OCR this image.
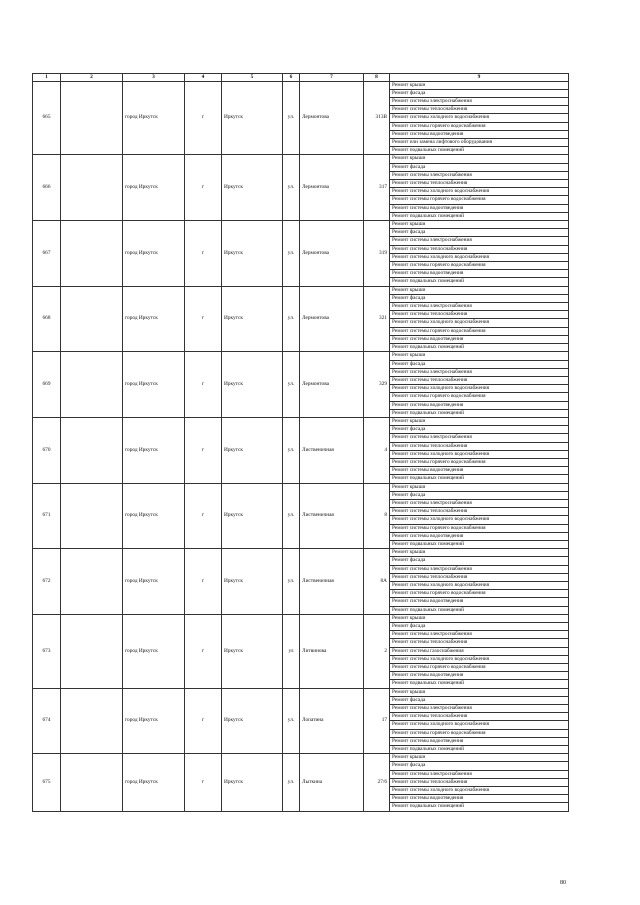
1	2	3	4	5	6	7	8	9
665		город Иркутск	г	Иркутск	ул.	Лермонтова	313В	Ремонт крыши
								Ремонт фасада
								Ремонт системы электроснабжения
								Ремонт системы теплоснабжения
								Ремонт системы холодного водоснабжения
								Ремонт системы горячего водоснабжения
								Ремонт системы водоотведения
								Ремонт или замена лифтового оборудования
								Ремонт подвальных помещений
666		город Иркутск	г	Иркутск	ул.	Лермонтова	317	Ремонт крыши
								Ремонт фасада
								Ремонт системы электроснабжения
								Ремонт системы теплоснабжения
								Ремонт системы холодного водоснабжения
								Ремонт системы горячего водоснабжения
								Ремонт системы водоотведения
								Ремонт подвальных помещений
667		город Иркутск	г	Иркутск	ул.	Лермонтова	319	Ремонт крыши
								Ремонт фасада
								Ремонт системы электроснабжения
								Ремонт системы теплоснабжения
								Ремонт системы холодного водоснабжения
								Ремонт системы горячего водоснабжения
								Ремонт системы водоотведения
								Ремонт подвальных помещений
668		город Иркутск	г	Иркутск	ул.	Лермонтова	321	Ремонт крыши
								Ремонт фасада
								Ремонт системы электроснабжения
								Ремонт системы теплоснабжения
								Ремонт системы холодного водоснабжения
								Ремонт системы горячего водоснабжения
								Ремонт системы водоотведения
								Ремонт подвальных помещений
669		город Иркутск	г	Иркутск	ул.	Лермонтова	329	Ремонт крыши
								Ремонт фасада
								Ремонт системы электроснабжения
								Ремонт системы теплоснабжения
								Ремонт системы холодного водоснабжения
								Ремонт системы горячего водоснабжения
								Ремонт системы водоотведения
								Ремонт подвальных помещений
670		город Иркутск	г	Иркутск	ул.	Лиственичная	4	Ремонт крыши
								Ремонт фасада
								Ремонт системы электроснабжения
								Ремонт системы теплоснабжения
								Ремонт системы холодного водоснабжения
								Ремонт системы горячего водоснабжения
								Ремонт системы водоотведения
								Ремонт подвальных помещений
671		город Иркутск	г	Иркутск	ул.	Лиственичная	8	Ремонт крыши
								Ремонт фасада
								Ремонт системы электроснабжения
								Ремонт системы теплоснабжения
								Ремонт системы холодного водоснабжения
								Ремонт системы горячего водоснабжения
								Ремонт системы водоотведения
								Ремонт подвальных помещений
672		город Иркутск	г	Иркутск	ул.	Лиственичная	8А	Ремонт крыши
								Ремонт фасада
								Ремонт системы электроснабжения
								Ремонт системы теплоснабжения
								Ремонт системы холодного водоснабжения
								Ремонт системы горячего водоснабжения
								Ремонт системы водоотведения
								Ремонт подвальных помещений
673		город Иркутск	г	Иркутск	ул	Литвинова	2	Ремонт крыши
								Ремонт фасада
								Ремонт системы электроснабжения
								Ремонт системы теплоснабжения
								Ремонт системы газоснабжения
								Ремонт системы холодного водоснабжения
								Ремонт системы горячего водоснабжения
								Ремонт системы водоотведения
								Ремонт подвальных помещений
674		город Иркутск	г	Иркутск	ул.	Лопатина	17	Ремонт крыши
								Ремонт фасада
								Ремонт системы электроснабжения
								Ремонт системы теплоснабжения
								Ремонт системы холодного водоснабжения
								Ремонт системы горячего водоснабжения
								Ремонт системы водоотведения
								Ремонт подвальных помещений
675		город Иркутск	г	Иркутск	ул.	Лыткина	27/6	Ремонт крыши
								Ремонт фасада
								Ремонт системы электроснабжения
								Ремонт системы теплоснабжения
								Ремонт системы холодного водоснабжения
								Ремонт системы водоотведения
								Ремонт подвальных помещений
80
